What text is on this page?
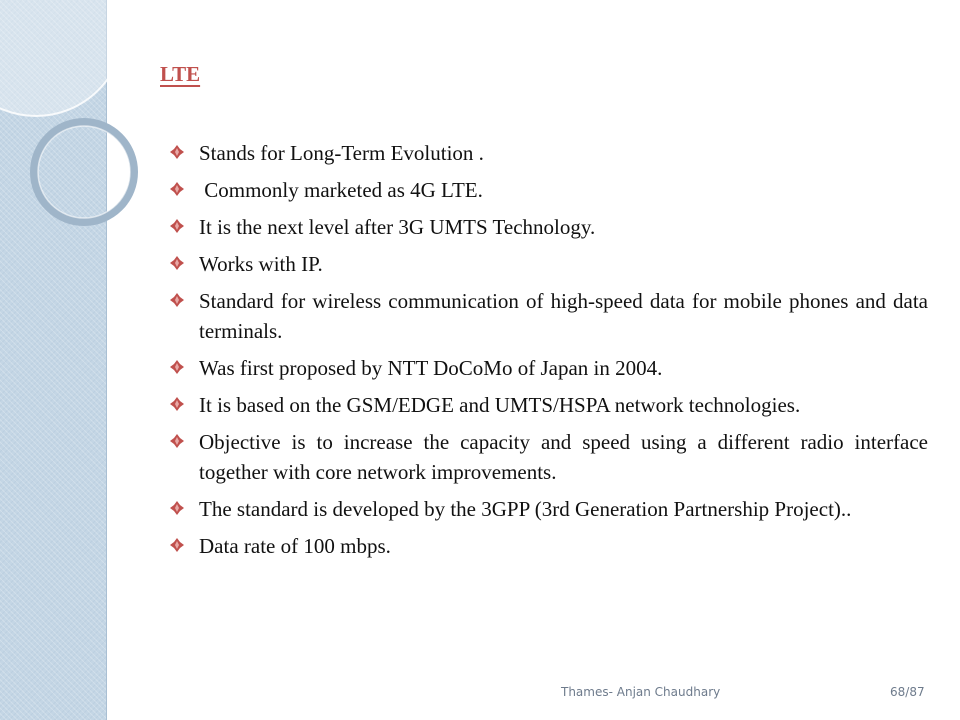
LTE
Stands for Long-Term Evolution .
Commonly marketed as 4G LTE.
It is the next level after 3G UMTS Technology.
Works with IP.
Standard for wireless communication of high-speed data for mobile phones and data terminals.
Was first proposed by NTT DoCoMo of Japan in 2004.
It is based on the GSM/EDGE and UMTS/HSPA network technologies.
Objective is to increase the capacity and speed using a different radio interface together with core network improvements.
The standard is developed by the 3GPP (3rd Generation Partnership Project)..
Data rate of 100 mbps.
Thames- Anjan Chaudhary	68/87
